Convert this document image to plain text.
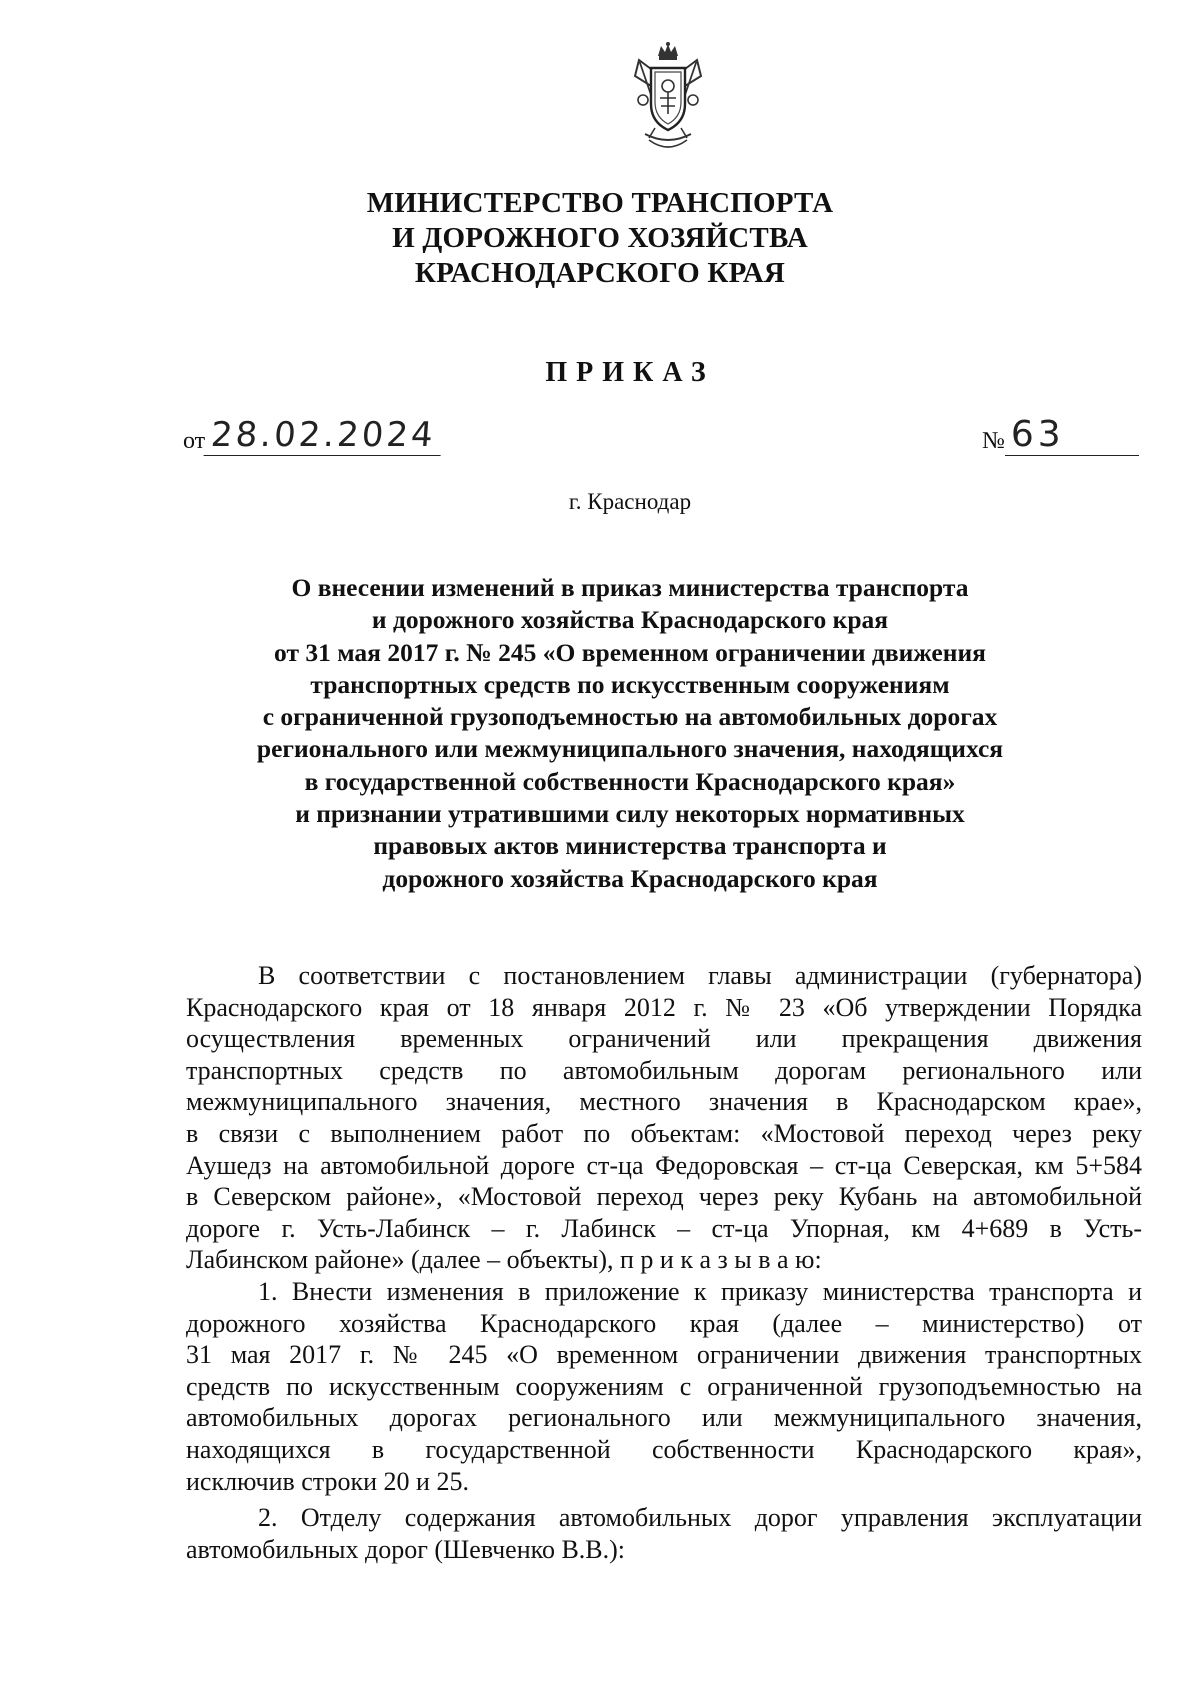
МИНИСТЕРСТВО ТРАНСПОРТА
И ДОРОЖНОГО ХОЗЯЙСТВА
КРАСНОДАРСКОГО КРАЯ
ПРИКАЗ
от 28.02.2024	№ 63
г. Краснодар
О внесении изменений в приказ министерства транспорта
и дорожного хозяйства Краснодарского края
от 31 мая 2017 г. № 245 «О временном ограничении движения
транспортных средств по искусственным сооружениям
с ограниченной грузоподъемностью на автомобильных дорогах
регионального или межмуниципального значения, находящихся
в государственной собственности Краснодарского края»
и признании утратившими силу некоторых нормативных
правовых актов министерства транспорта и
дорожного хозяйства Краснодарского края
В соответствии с постановлением главы администрации (губернатора)
Краснодарского края от 18 января 2012 г. № 23 «Об утверждении Порядка
осуществления временных ограничений или прекращения движения
транспортных средств по автомобильным дорогам регионального или
межмуниципального значения, местного значения в Краснодарском крае»,
в связи с выполнением работ по объектам: «Мостовой переход через реку
Аушедз на автомобильной дороге ст-ца Федоровская – ст-ца Северская, км 5+584
в Северском районе», «Мостовой переход через реку Кубань на автомобильной
дороге г. Усть-Лабинск – г. Лабинск – ст-ца Упорная, км 4+689 в Усть-
Лабинском районе» (далее – объекты), п р и к а з ы в а ю:
1. Внести изменения в приложение к приказу министерства транспорта и
дорожного хозяйства Краснодарского края (далее – министерство) от
31 мая 2017 г. № 245 «О временном ограничении движения транспортных
средств по искусственным сооружениям с ограниченной грузоподъемностью на
автомобильных дорогах регионального или межмуниципального значения,
находящихся в государственной собственности Краснодарского края»,
исключив строки 20 и 25.
2. Отделу содержания автомобильных дорог управления эксплуатации
автомобильных дорог (Шевченко В.В.):
